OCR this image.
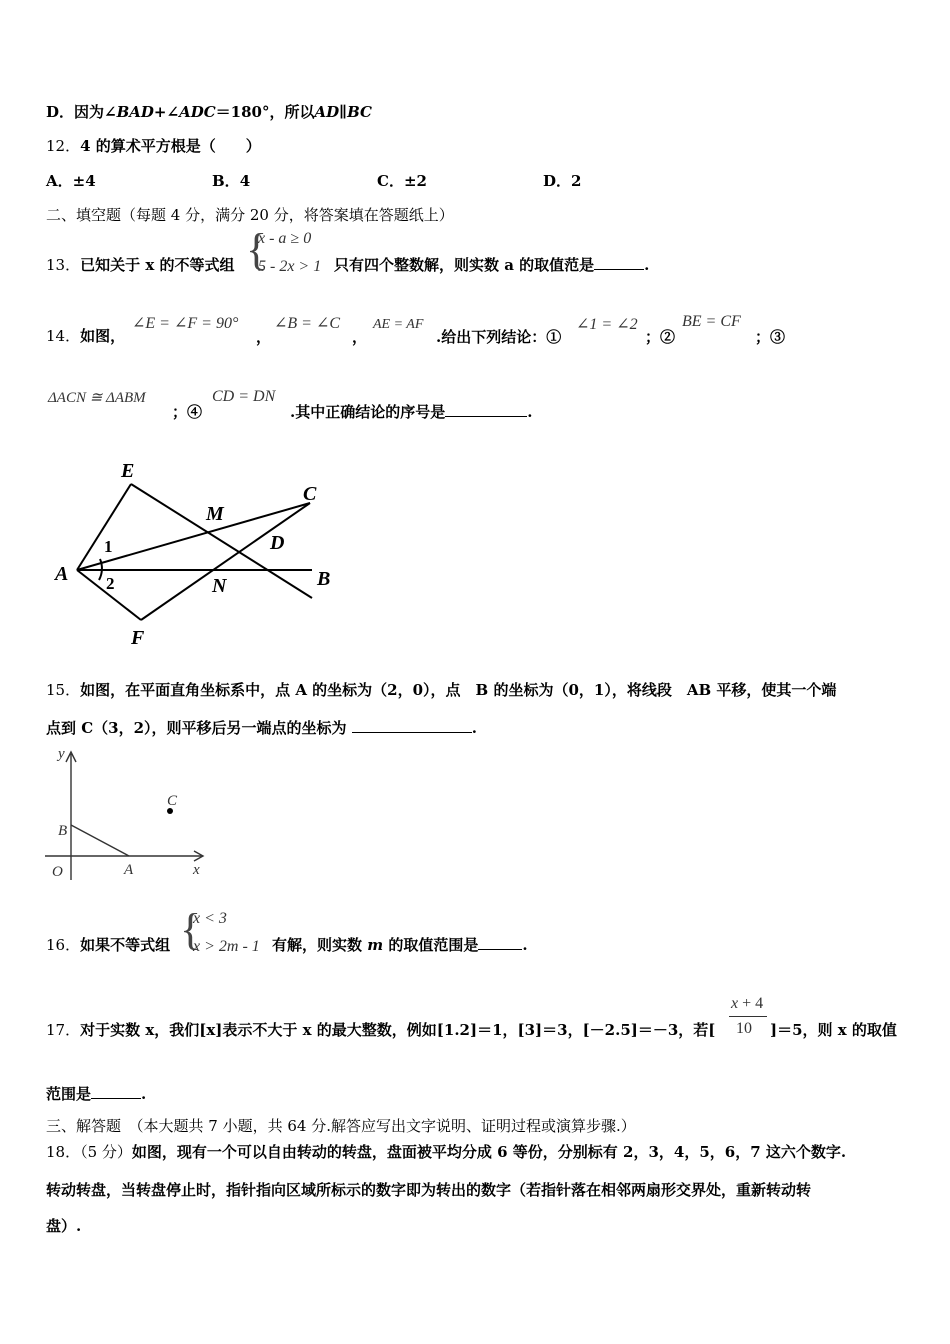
D．因为∠BAD+∠ADC＝180°，所以AD∥BC
12．4 的算术平方根是（　　）
A．±4	B．4	C．±2	D．2
二、填空题（每题 4 分，满分 20 分，将答案填在答题纸上）
13．已知关于 x 的不等式组 {
x - a ≥ 0
5 - 2x > 1 只有四个整数解，则实数 a 的取值范是	.
14．如图，
∠E = ∠F = 90°
，
∠B = ∠C
，
AE = AF
.给出下列结论：①
∠1 = ∠2
；②
BE = CF
；③
ΔACN ≅ ΔABM
；④
CD = DN
.其中正确结论的序号是	.
E
C
M
D
A	B
N
F
1
2
15．如图，在平面直角坐标系中，点 A 的坐标为（2，0），点　B 的坐标为（0，1），将线段　AB 平移，使其一个端
点到 C（3，2），则平移后另一端点的坐标为	.
y
x
O	A
B
C
16．如果不等式组 {
x < 3
x > 2m - 1 有解，则实数 m 的取值范围是	.
17．对于实数 x，我们[x]表示不大于 x 的最大整数，例如[1.2]＝1，[3]＝3，[－2.5]＝－3，若[
x + 4
10 ]＝5，则 x 的取值
范围是	.
三、解答题　（本大题共 7 小题，共 64 分.解答应写出文字说明、证明过程或演算步骤.）
18．（5 分）如图，现有一个可以自由转动的转盘，盘面被平均分成 6 等份，分别标有 2，3，4，5，6，7 这六个数字.
转动转盘，当转盘停止时，指针指向区域所标示的数字即为转出的数字（若指针落在相邻两扇形交界处，重新转动转
盘）.
